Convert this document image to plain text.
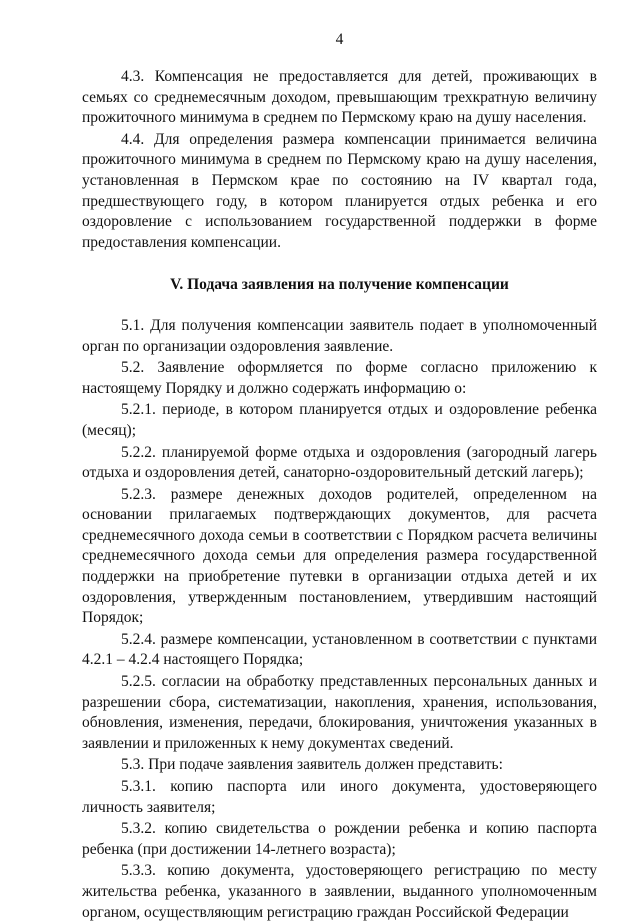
4

4.3. Компенсация не предоставляется для детей, проживающих в семьях со среднемесячным доходом, превышающим трехкратную величину прожиточного минимума в среднем по Пермскому краю на душу населения.

4.4. Для определения размера компенсации принимается величина прожиточного минимума в среднем по Пермскому краю на душу населения, установленная в Пермском крае по состоянию на IV квартал года, предшествующего году, в котором планируется отдых ребенка и его оздоровление с использованием государственной поддержки в форме предоставления компенсации.

V. Подача заявления на получение компенсации

5.1. Для получения компенсации заявитель подает в уполномоченный орган по организации оздоровления заявление.

5.2. Заявление оформляется по форме согласно приложению к настоящему Порядку и должно содержать информацию о:

5.2.1. периоде, в котором планируется отдых и оздоровление ребенка (месяц);

5.2.2. планируемой форме отдыха и оздоровления (загородный лагерь отдыха и оздоровления детей, санаторно-оздоровительный детский лагерь);

5.2.3. размере денежных доходов родителей, определенном на основании прилагаемых подтверждающих документов, для расчета среднемесячного дохода семьи в соответствии с Порядком расчета величины среднемесячного дохода семьи для определения размера государственной поддержки на приобретение путевки в организации отдыха детей и их оздоровления, утвержденным постановлением, утвердившим настоящий Порядок;

5.2.4. размере компенсации, установленном в соответствии с пунктами 4.2.1 – 4.2.4 настоящего Порядка;

5.2.5. согласии на обработку представленных персональных данных и разрешении сбора, систематизации, накопления, хранения, использования, обновления, изменения, передачи, блокирования, уничтожения указанных в заявлении и приложенных к нему документах сведений.

5.3. При подаче заявления заявитель должен представить:

5.3.1. копию паспорта или иного документа, удостоверяющего личность заявителя;

5.3.2. копию свидетельства о рождении ребенка и копию паспорта ребенка (при достижении 14-летнего возраста);

5.3.3. копию документа, удостоверяющего регистрацию по месту жительства ребенка, указанного в заявлении, выданного уполномоченным органом, осуществляющим регистрацию граждан Российской Федерации
